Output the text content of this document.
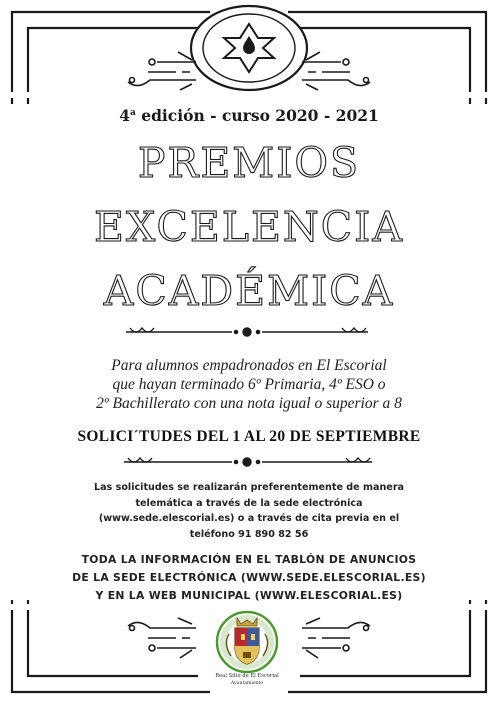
4$^a$ edición - curso 2020 - 2021
PREMIOS
EXCELENCIA
ACADÉMICA
Para alumnos empadronados en El Escorial
que hayan terminado 6º Primaria, 4º ESO o
2º Bachillerato con una nota igual o superior a 8
SOLICI´TUDES DEL 1 AL 20 DE SEPTIEMBRE
Las solicitudes se realizarán preferentemente de manera
telemática a través de la sede electrónica
(www.sede.elescorial.es) o a través de cita previa en el
teléfono 91 890 82 56
TODA LA INFORMACIÓN EN EL TABLÓN DE ANUNCIOS
DE LA SEDE ELECTRÓNICA (WWW.SEDE.ELESCORIAL.ES)
Y EN LA WEB MUNICIPAL (WWW.ELESCORIAL.ES)
Real Sitio de El Escorial
Ayuntamiento
